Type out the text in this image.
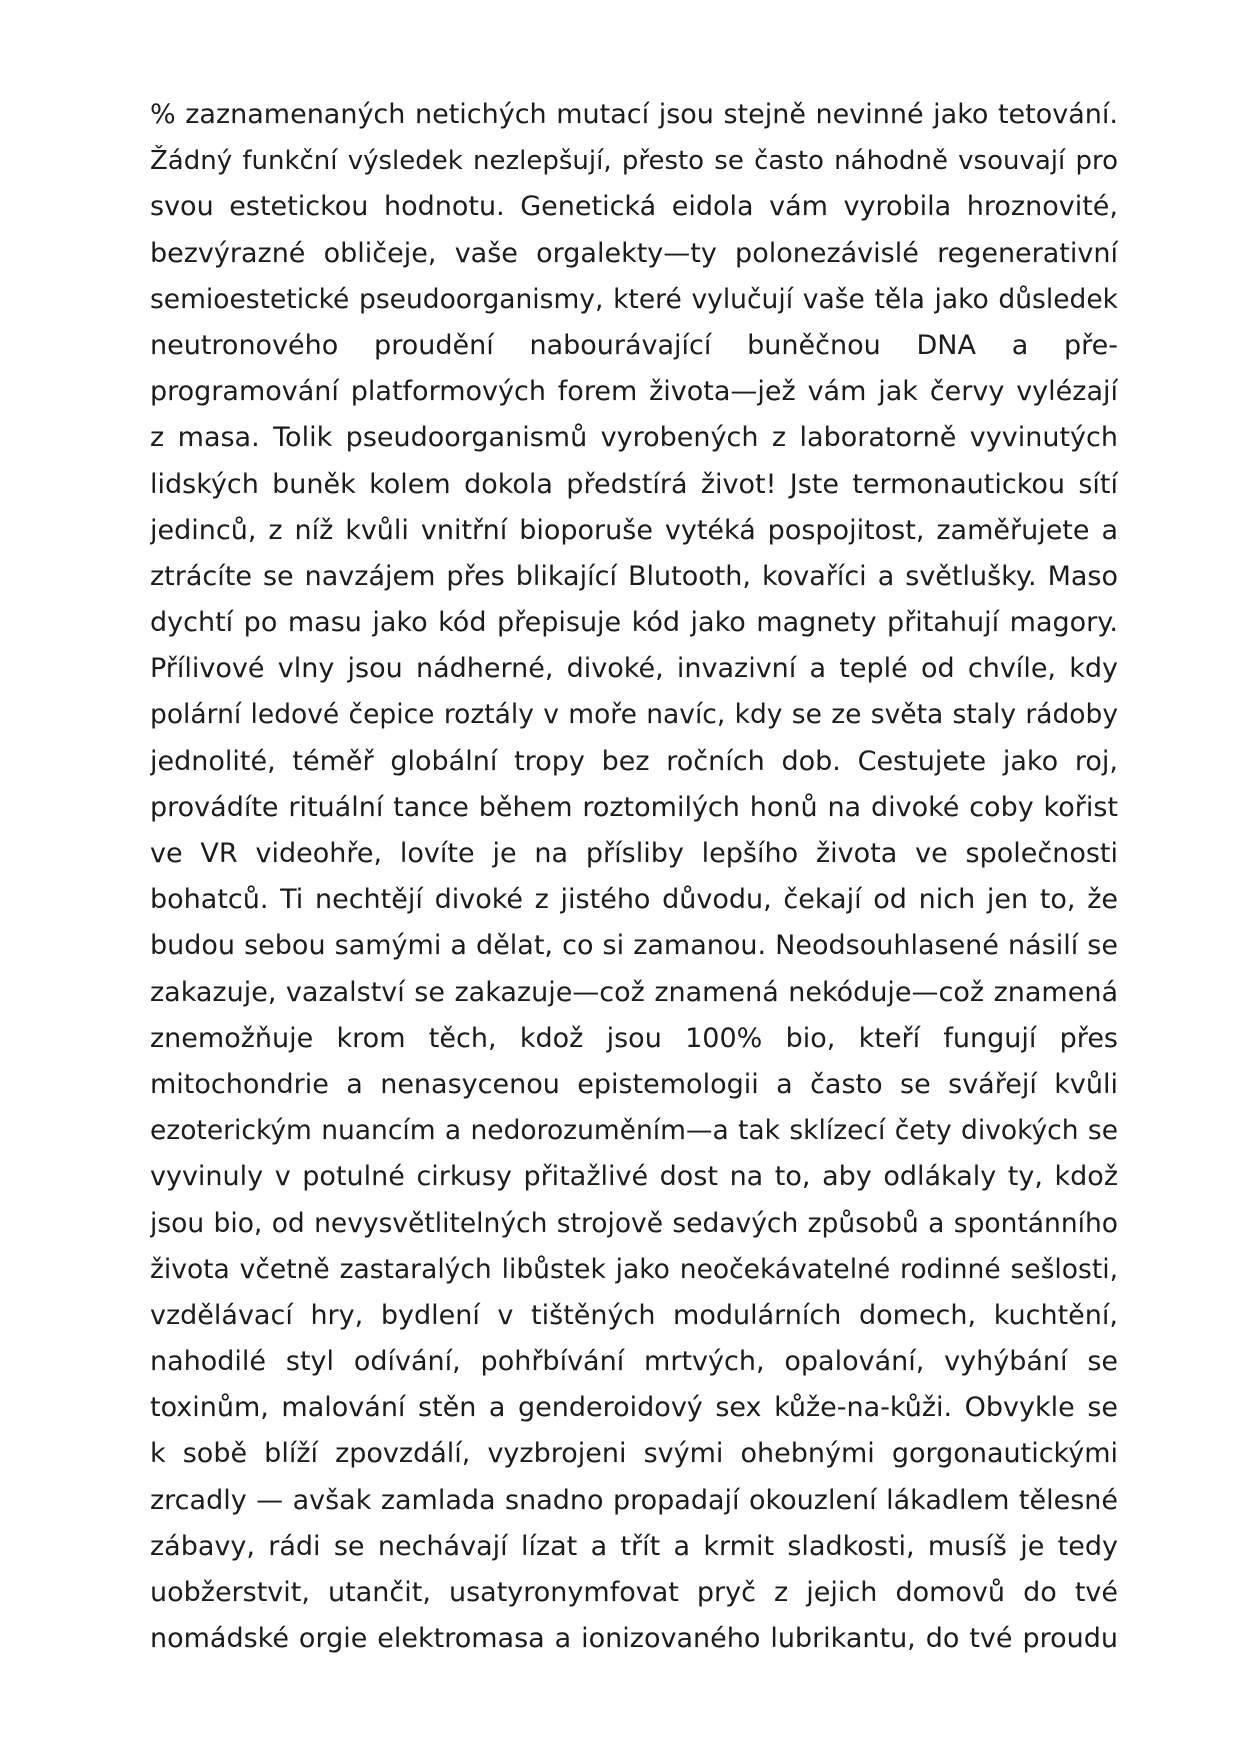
% zaznamenaných netichých mutací jsou stejně nevinné jako tetování.
Žádný funkční výsledek nezlepšují, přesto se často náhodně vsouvají pro
svou estetickou hodnotu. Genetická eidola vám vyrobila hroznovité,
bezvýrazné obličeje, vaše orgalekty—ty polonezávislé regenerativní
semioestetické pseudoorganismy, které vylučují vaše těla jako důsledek
neutronového proudění nabourávající buněčnou DNA a pře-
programování platformových forem života—jež vám jak červy vylézají
z masa. Tolik pseudoorganismů vyrobených z laboratorně vyvinutých
lidských buněk kolem dokola předstírá život! Jste termonautickou sítí
jedinců, z níž kvůli vnitřní bioporuše vytéká pospojitost, zaměřujete a
ztrácíte se navzájem přes blikající Blutooth, kovaříci a světlušky. Maso
dychtí po masu jako kód přepisuje kód jako magnety přitahují magory.
Přílivové vlny jsou nádherné, divoké, invazivní a teplé od chvíle, kdy
polární ledové čepice roztály v moře navíc, kdy se ze světa staly rádoby
jednolité, téměř globální tropy bez ročních dob. Cestujete jako roj,
provádíte rituální tance během roztomilých honů na divoké coby kořist
ve VR videohře, lovíte je na přísliby lepšího života ve společnosti
bohatců. Ti nechtějí divoké z jistého důvodu, čekají od nich jen to, že
budou sebou samými a dělat, co si zamanou. Neodsouhlasené násilí se
zakazuje, vazalství se zakazuje—což znamená nekóduje—což znamená
znemožňuje krom těch, kdož jsou 100% bio, kteří fungují přes
mitochondrie a nenasycenou epistemologii a často se svářejí kvůli
ezoterickým nuancím a nedorozuměním—a tak sklízecí čety divokých se
vyvinuly v potulné cirkusy přitažlivé dost na to, aby odlákaly ty, kdož
jsou bio, od nevysvětlitelných strojově sedavých způsobů a spontánního
života včetně zastaralých libůstek jako neočekávatelné rodinné sešlosti,
vzdělávací hry, bydlení v tištěných modulárních domech, kuchtění,
nahodilé styl odívání, pohřbívání mrtvých, opalování, vyhýbání se
toxinům, malování stěn a genderoidový sex kůže-na-kůži. Obvykle se
k sobě blíží zpovzdálí, vyzbrojeni svými ohebnými gorgonautickými
zrcadly — avšak zamlada snadno propadají okouzlení lákadlem tělesné
zábavy, rádi se nechávají lízat a třít a krmit sladkosti, musíš je tedy
uobžerstvit, utančit, usatyronymfovat pryč z jejich domovů do tvé
nomádské orgie elektromasa a ionizovaného lubrikantu, do tvé proudu
